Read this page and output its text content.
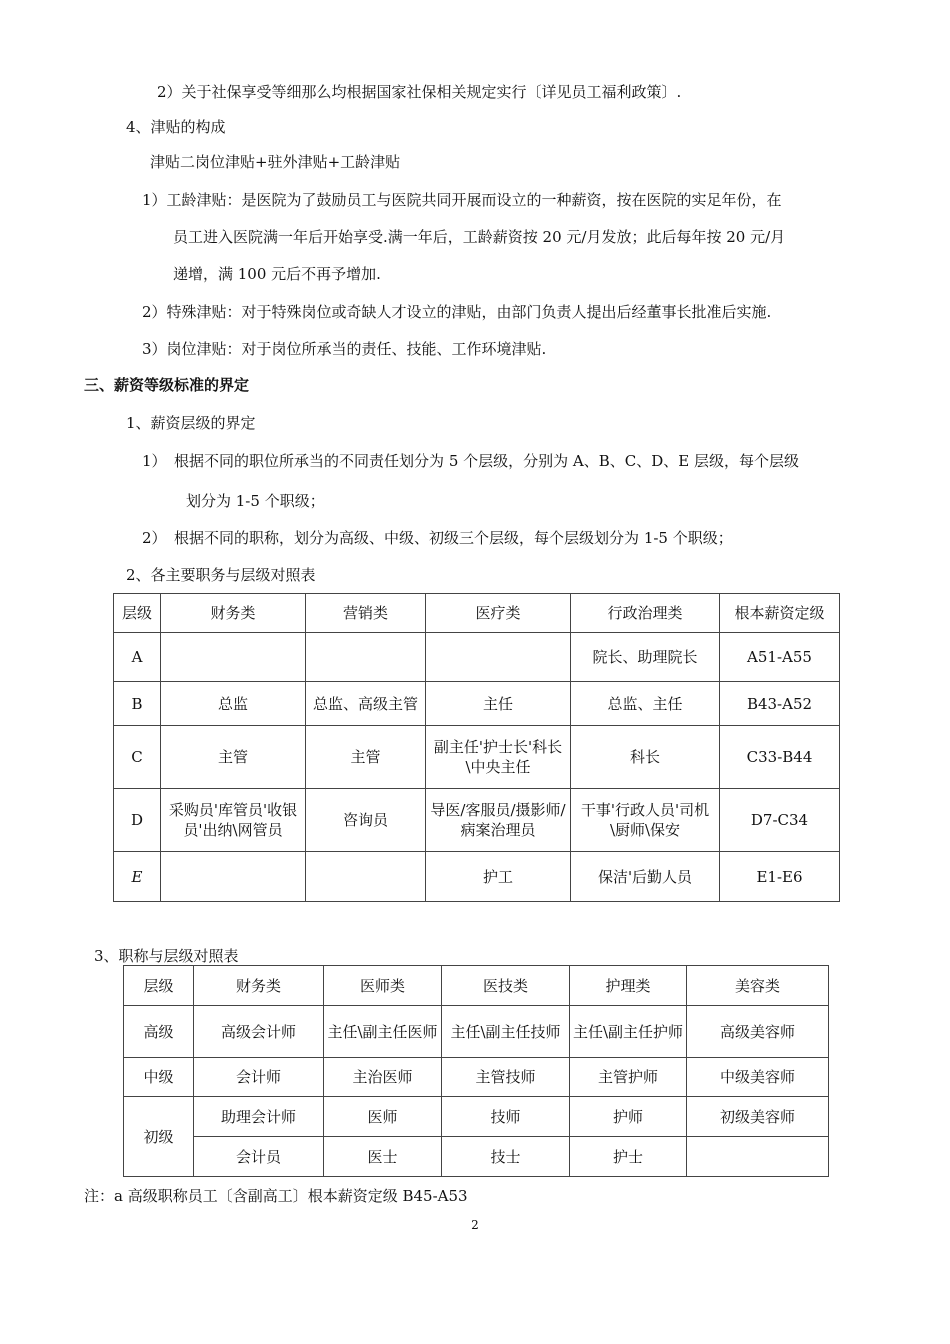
2）关于社保享受等细那么均根据国家社保相关规定实行〔详见员工福利政策〕.
4、津贴的构成
津贴二岗位津贴+驻外津贴+工龄津贴
1）工龄津贴：是医院为了鼓励员工与医院共同开展而设立的一种薪资，按在医院的实足年份，在
员工进入医院满一年后开始享受.满一年后，工龄薪资按 20 元/月发放；此后每年按 20 元/月
递增，满 100 元后不再予增加.
2）特殊津贴：对于特殊岗位或奇缺人才设立的津贴，由部门负责人提出后经董事长批准后实施.
3）岗位津贴：对于岗位所承当的责任、技能、工作环境津贴.
三、薪资等级标准的界定
1、薪资层级的界定
1）　根据不同的职位所承当的不同责任划分为 5 个层级，分别为 A、B、C、D、E 层级，每个层级
划分为 1-5 个职级；
2）　根据不同的职称，划分为高级、中级、初级三个层级，每个层级划分为 1-5 个职级；
2、各主要职务与层级对照表
层级	财务类	营销类	医疗类	行政治理类	根本薪资定级
A				院长、助理院长	A51-A55
B	总监	总监、高级主管	主任	总监、主任	B43-A52
C	主管	主管	副主任'护士长'科长\中央主任	科长	C33-B44
D	采购员'库管员'收银员'出纳\网管员	咨询员	导医/客服员/摄影师/病案治理员	干事'行政人员'司机\厨师\保安	D7-C34
E			护工	保洁'后勤人员	E1-E6
3、职称与层级对照表
层级	财务类	医师类	医技类	护理类	美容类
高级	高级会计师	主任\副主任医师	主任\副主任技师	主任\副主任护师	高级美容师
中级	会计师	主治医师	主管技师	主管护师	中级美容师
初级	助理会计师	医师	技师	护师	初级美容师
	会计员	医士	技士	护士	
注：a 高级职称员工〔含副高工〕根本薪资定级 B45-A53
2
